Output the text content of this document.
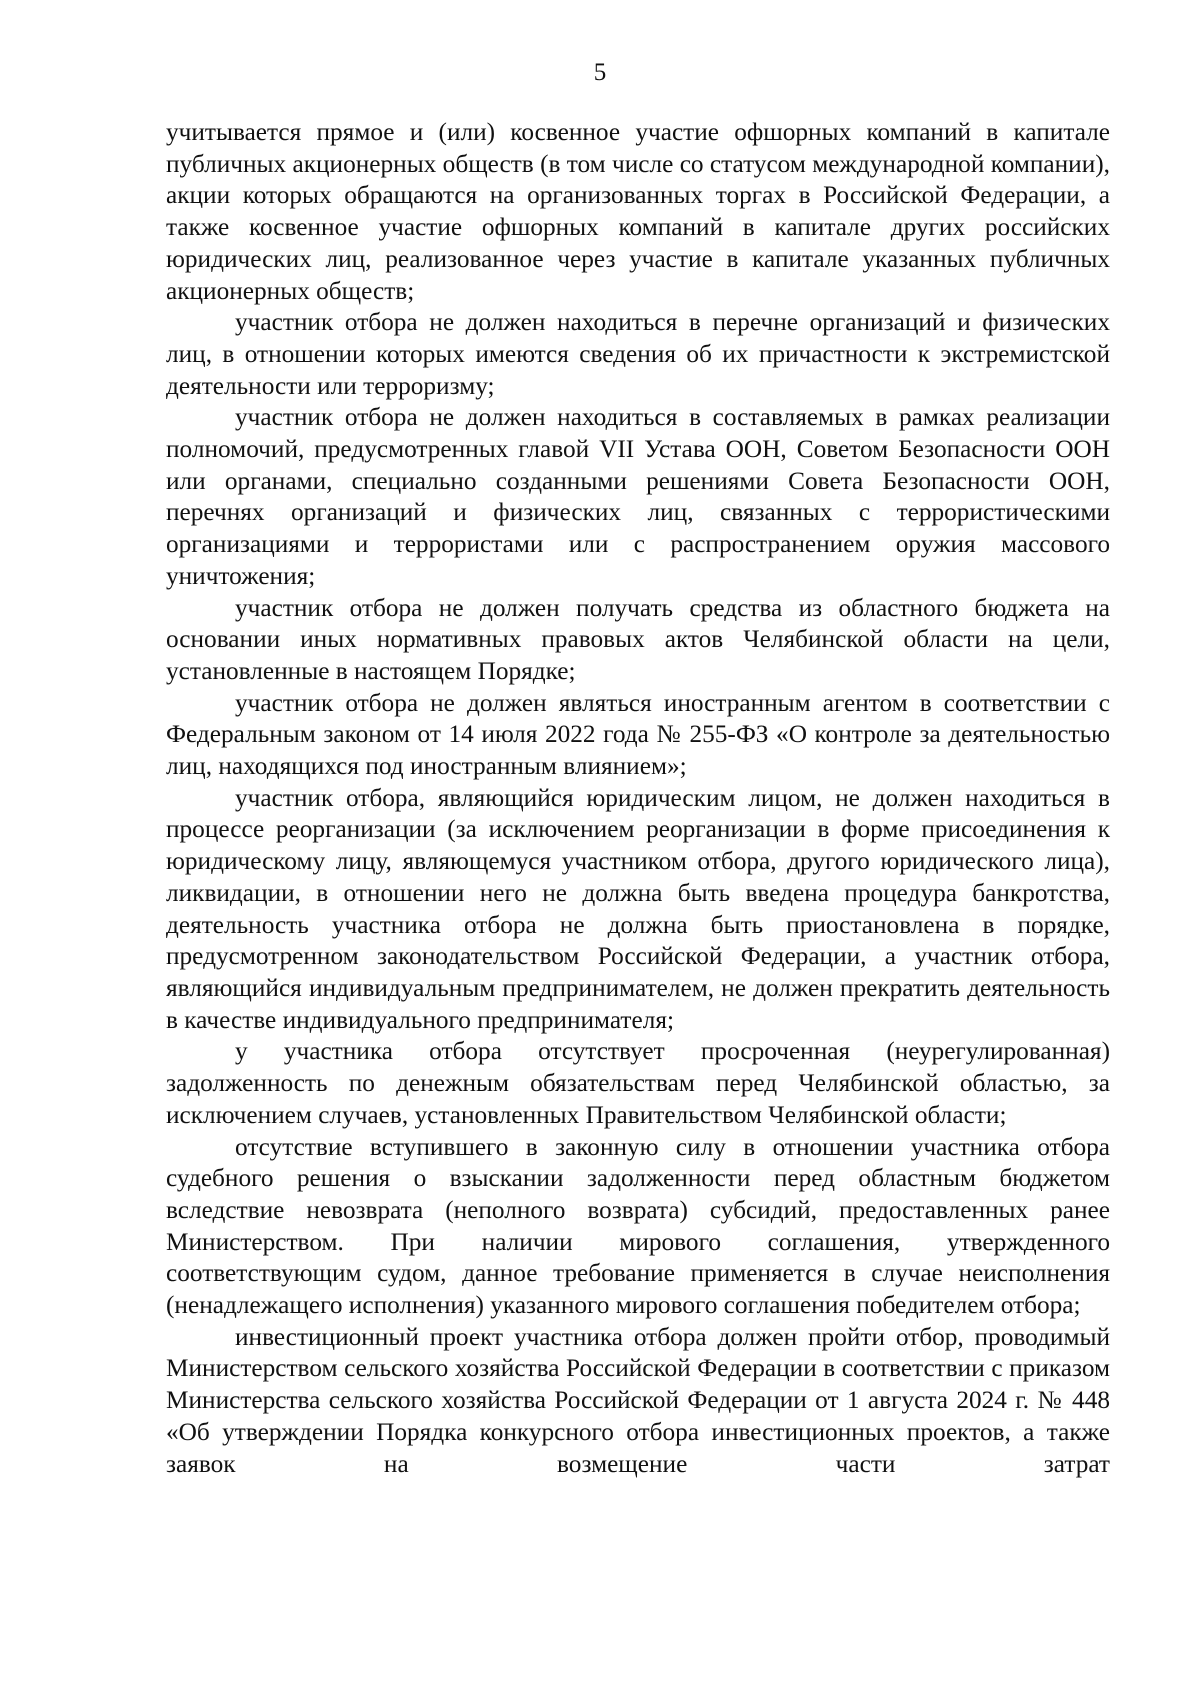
5

учитывается прямое и (или) косвенное участие офшорных компаний в капитале публичных акционерных обществ (в том числе со статусом международной компании), акции которых обращаются на организованных торгах в Российской Федерации, а также косвенное участие офшорных компаний в капитале других российских юридических лиц, реализованное через участие в капитале указанных публичных акционерных обществ;

участник отбора не должен находиться в перечне организаций и физических лиц, в отношении которых имеются сведения об их причастности к экстремистской деятельности или терроризму;

участник отбора не должен находиться в составляемых в рамках реализации полномочий, предусмотренных главой VII Устава ООН, Советом Безопасности ООН или органами, специально созданными решениями Совета Безопасности ООН, перечнях организаций и физических лиц, связанных с террористическими организациями и террористами или с распространением оружия массового уничтожения;

участник отбора не должен получать средства из областного бюджета на основании иных нормативных правовых актов Челябинской области на цели, установленные в настоящем Порядке;

участник отбора не должен являться иностранным агентом в соответствии с Федеральным законом от 14 июля 2022 года № 255-ФЗ «О контроле за деятельностью лиц, находящихся под иностранным влиянием»;

участник отбора, являющийся юридическим лицом, не должен находиться в процессе реорганизации (за исключением реорганизации в форме присоединения к юридическому лицу, являющемуся участником отбора, другого юридического лица), ликвидации, в отношении него не должна быть введена процедура банкротства, деятельность участника отбора не должна быть приостановлена в порядке, предусмотренном законодательством Российской Федерации, а участник отбора, являющийся индивидуальным предпринимателем, не должен прекратить деятельность в качестве индивидуального предпринимателя;

у участника отбора отсутствует просроченная (неурегулированная) задолженность по денежным обязательствам перед Челябинской областью, за исключением случаев, установленных Правительством Челябинской области;

отсутствие вступившего в законную силу в отношении участника отбора судебного решения о взыскании задолженности перед областным бюджетом вследствие невозврата (неполного возврата) субсидий, предоставленных ранее Министерством. При наличии мирового соглашения, утвержденного соответствующим судом, данное требование применяется в случае неисполнения (ненадлежащего исполнения) указанного мирового соглашения победителем отбора;

инвестиционный проект участника отбора должен пройти отбор, проводимый Министерством сельского хозяйства Российской Федерации в соответствии с приказом Министерства сельского хозяйства Российской Федерации от 1 августа 2024 г. № 448 «Об утверждении Порядка конкурсного отбора инвестиционных проектов, а также заявок на возмещение части затрат
